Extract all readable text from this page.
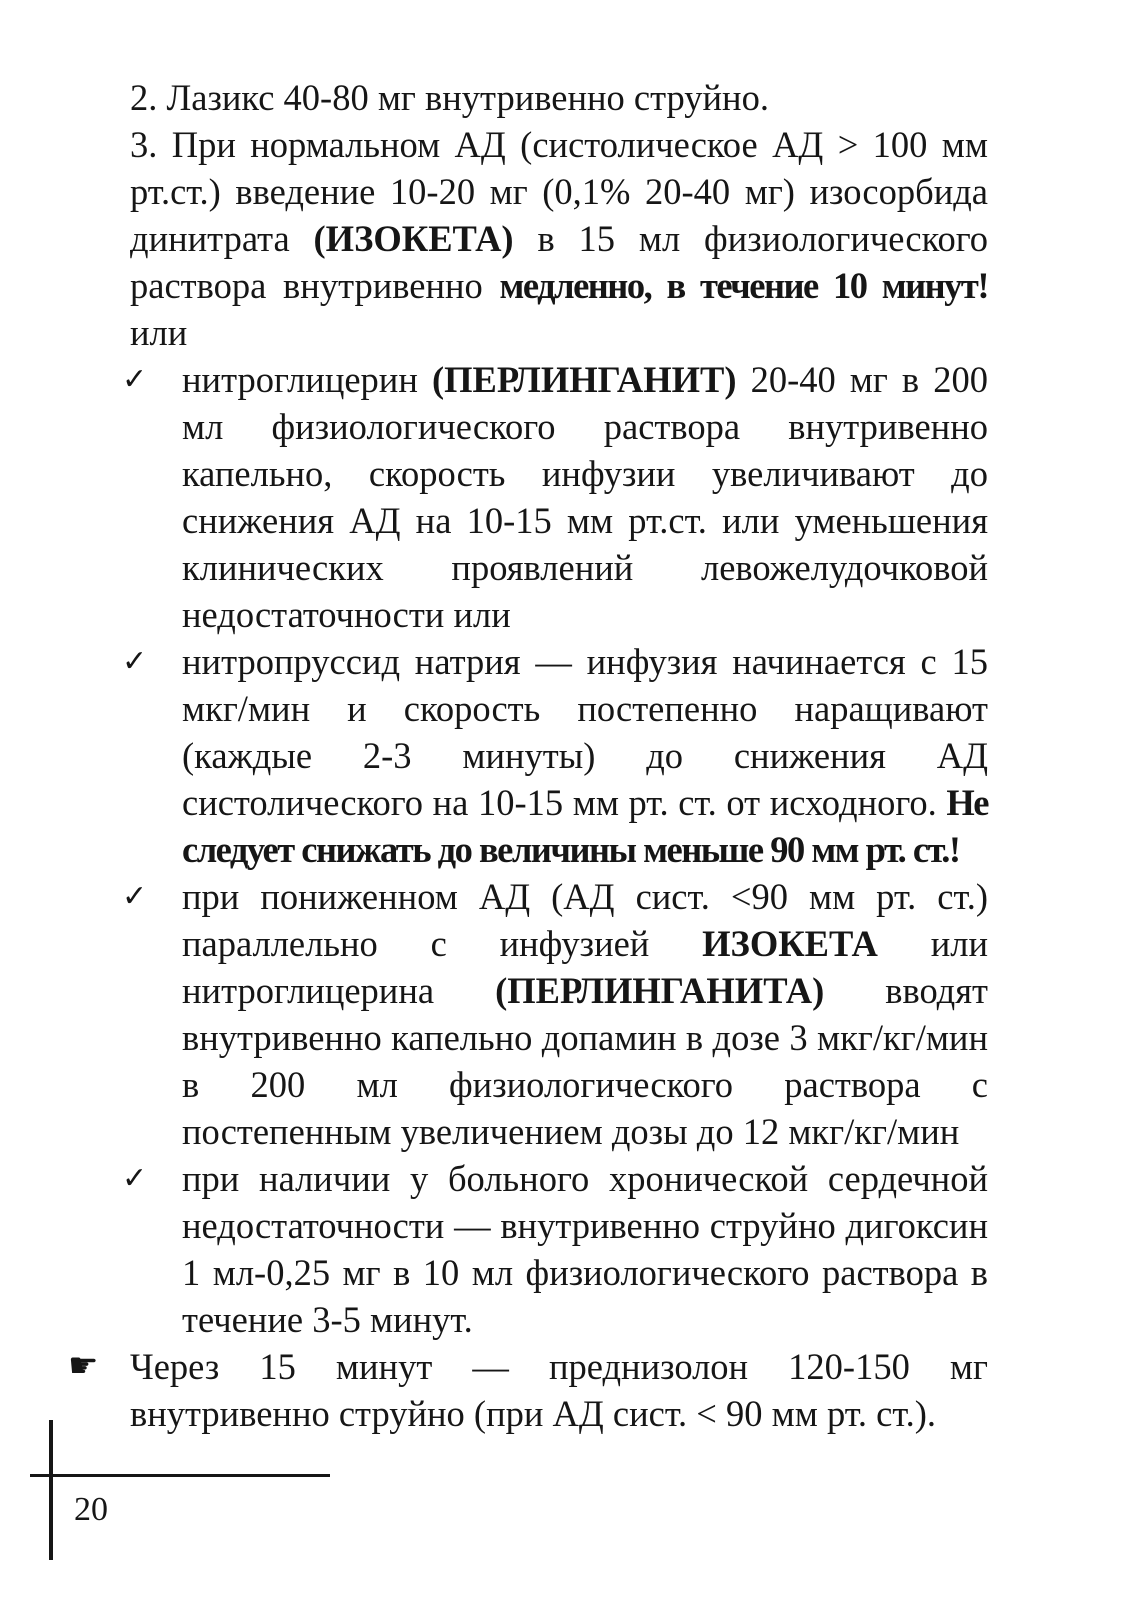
2. Лазикс 40-80 мг внутривенно струйно.

3. При нормальном АД (систолическое АД > 100 мм рт.ст.) введение 10-20 мг (0,1% 20-40 мг) изосорбида динитрата (ИЗОКЕТА) в 15 мл физиологического раствора внутривенно медленно, в течение 10 минут! или

✓ нитроглицерин (ПЕРЛИНГАНИТ) 20-40 мг в 200 мл физиологического раствора внутривенно капельно, скорость инфузии увеличивают до снижения АД на 10-15 мм рт.ст. или уменьшения клинических проявлений левожелудочковой недостаточности или

✓ нитропруссид натрия — инфузия начинается с 15 мкг/мин и скорость постепенно наращивают (каждые 2-3 минуты) до снижения АД систолического на 10-15 мм рт. ст. от исходного. Не следует снижать до величины меньше 90 мм рт. ст.!

✓ при пониженном АД (АД сист. <90 мм рт. ст.) параллельно с инфузией ИЗОКЕТА или нитроглицерина (ПЕРЛИНГАНИТА) вводят внутривенно капельно допамин в дозе 3 мкг/кг/мин в 200 мл физиологического раствора с постепенным увеличением дозы до 12 мкг/кг/мин

✓ при наличии у больного хронической сердечной недостаточности — внутривенно струйно дигоксин 1 мл-0,25 мг в 10 мл физиологического раствора в течение 3-5 минут.

☛ Через 15 минут — преднизолон 120-150 мг внутривенно струйно (при АД сист. < 90 мм рт. ст.).

20
